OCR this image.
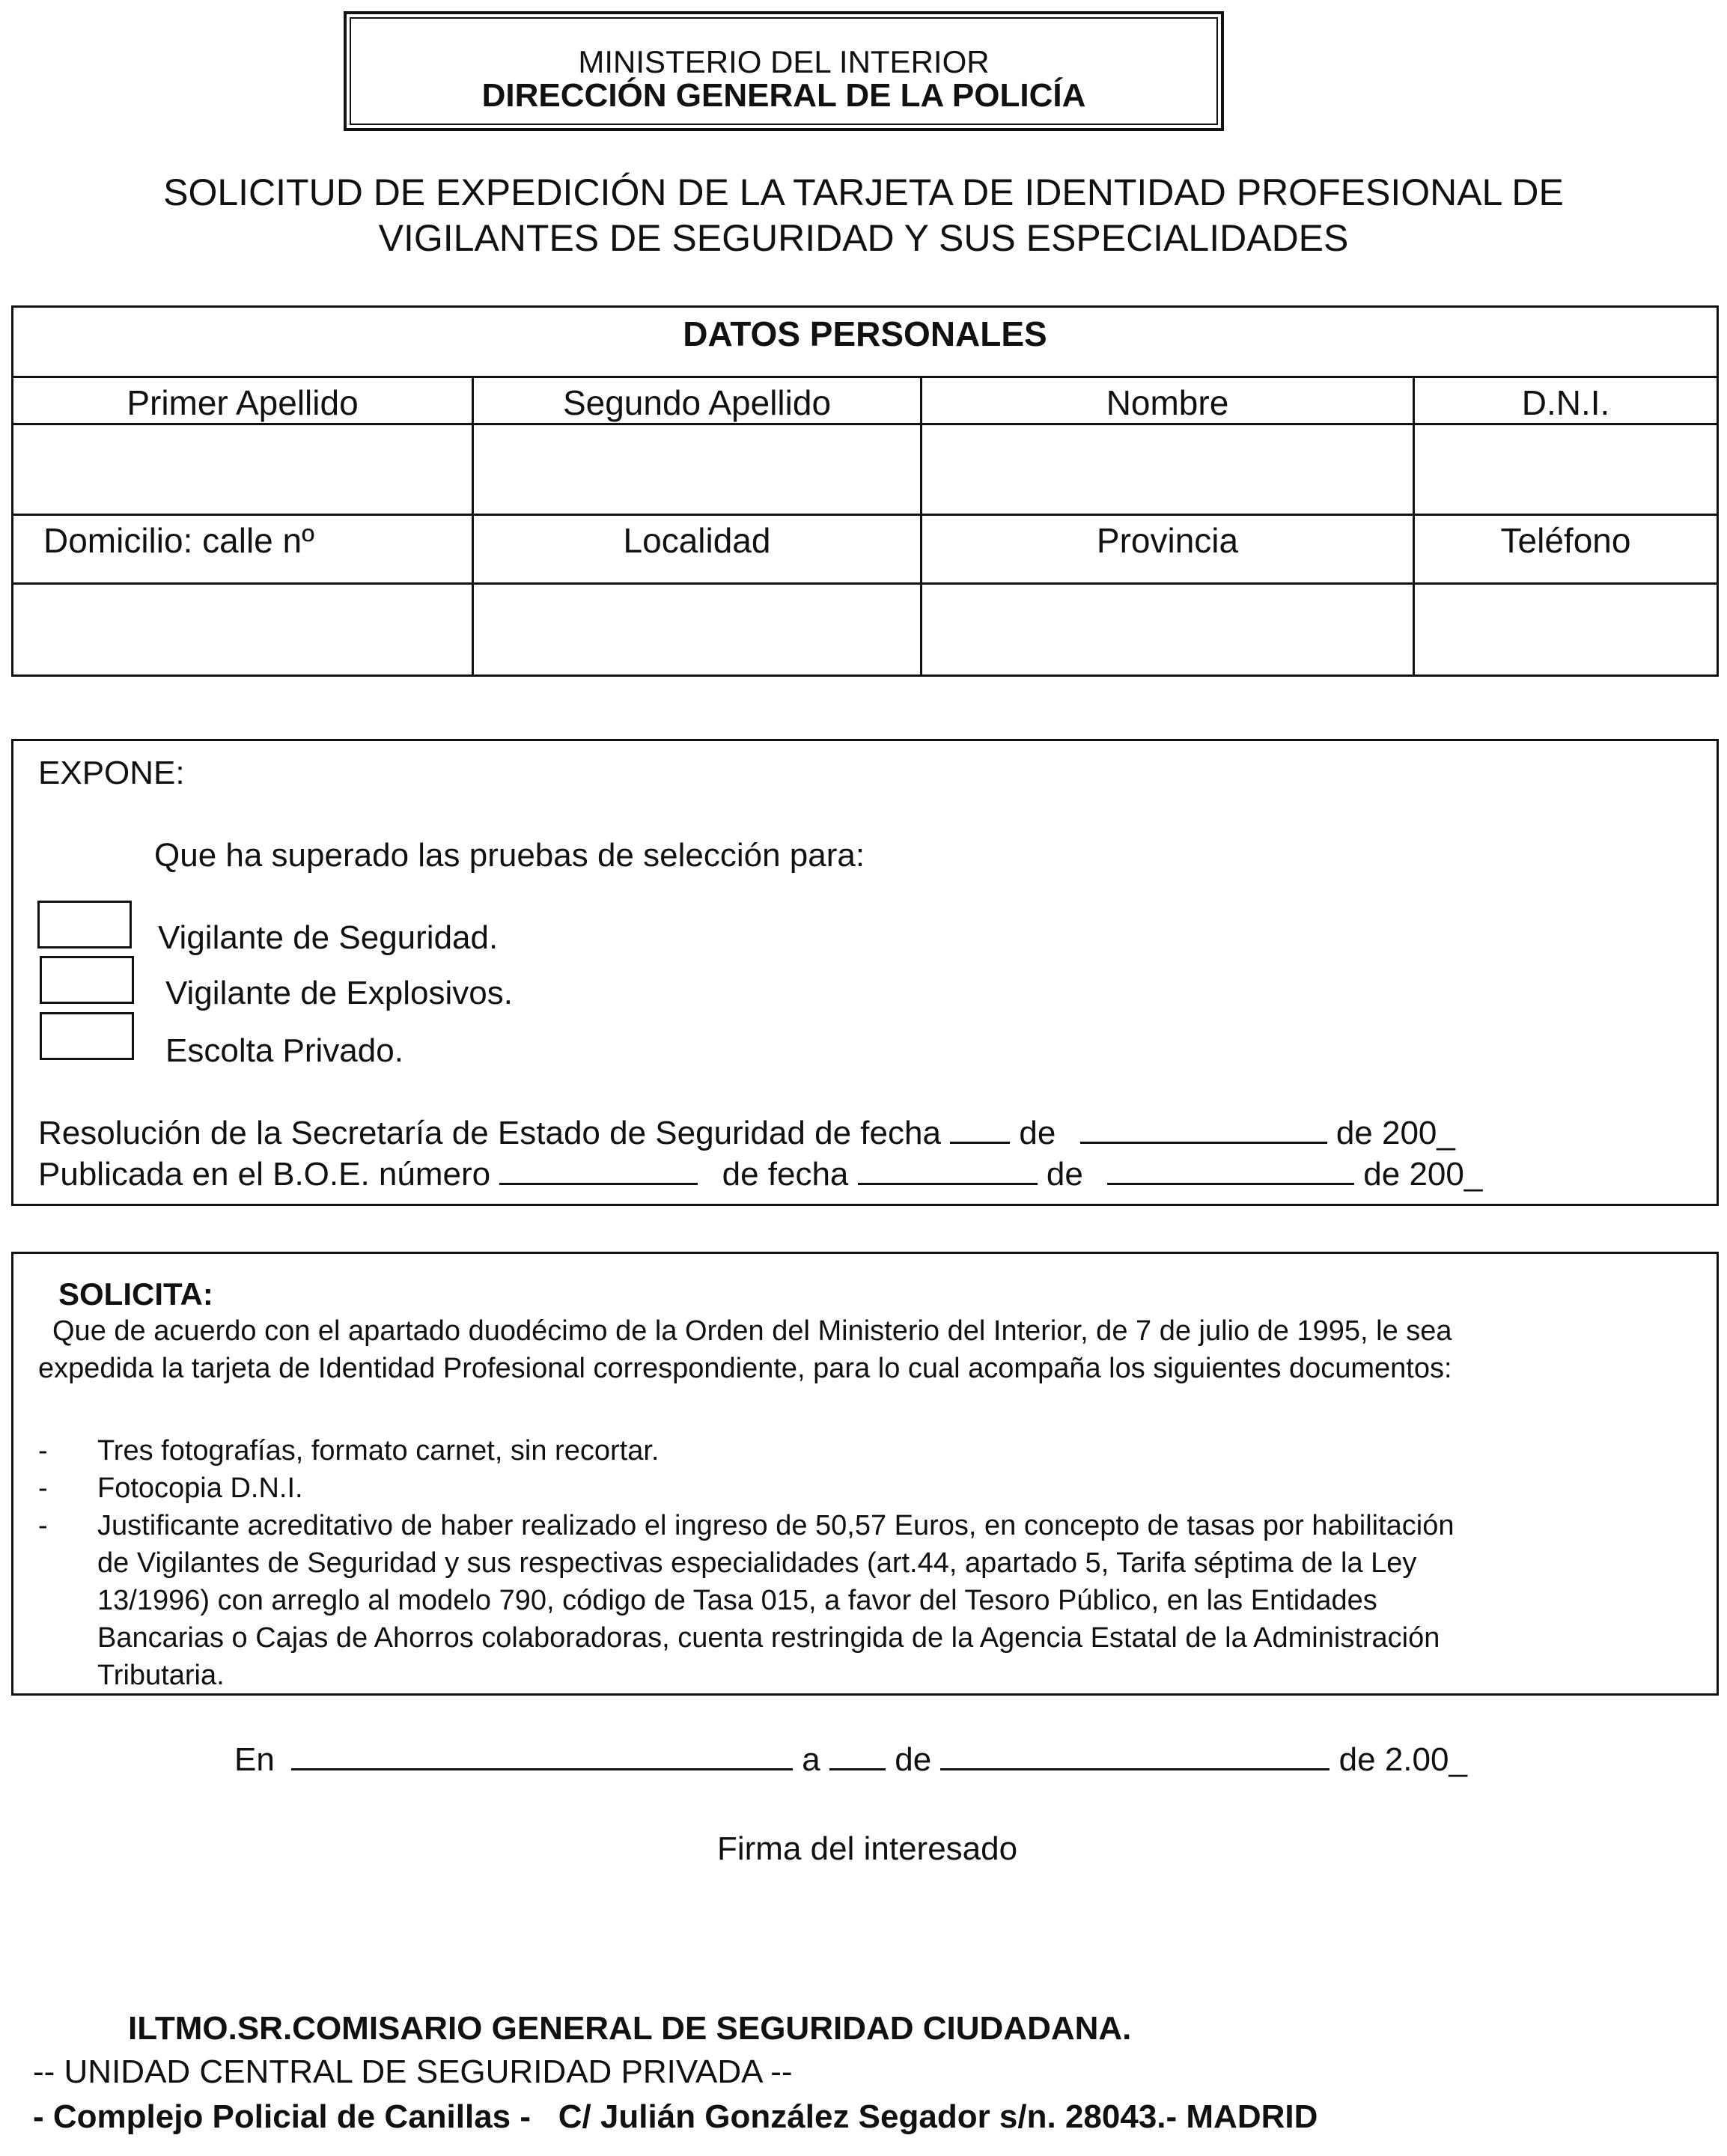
MINISTERIO DEL INTERIOR
DIRECCIÓN GENERAL DE LA POLICÍA
SOLICITUD DE EXPEDICIÓN DE LA TARJETA DE IDENTIDAD PROFESIONAL DE
VIGILANTES DE SEGURIDAD Y SUS ESPECIALIDADES
DATOS PERSONALES			
Primer Apellido	Segundo Apellido	Nombre	D.N.I.

Domicilio: calle nº	Localidad	Provincia	Teléfono

EXPONE:
Que ha superado las pruebas de selección para:
Vigilante de Seguridad.
Vigilante de Explosivos.
Escolta Privado.
Resolución de la Secretaría de Estado de Seguridad de fecha de	de 200_
Publicada en el B.O.E. número	de fecha	de	de 200_
SOLICITA:
Que de acuerdo con el apartado duodécimo de la Orden del Ministerio del Interior, de 7 de julio de 1995, le sea
expedida la tarjeta de Identidad Profesional correspondiente, para lo cual acompaña los siguientes documentos:
- Tres fotografías, formato carnet, sin recortar.
- Fotocopia D.N.I.
- Justificante acreditativo de haber realizado el ingreso de 50,57 Euros, en concepto de tasas por habilitación
de Vigilantes de Seguridad y sus respectivas especialidades (art.44, apartado 5, Tarifa séptima de la Ley
13/1996) con arreglo al modelo 790, código de Tasa 015, a favor del Tesoro Público, en las Entidades
Bancarias o Cajas de Ahorros colaboradoras, cuenta restringida de la Agencia Estatal de la Administración
Tributaria.
En	a de	de 2.00_
Firma del interesado
ILTMO.SR.COMISARIO GENERAL DE SEGURIDAD CIUDADANA.
-- UNIDAD CENTRAL DE SEGURIDAD PRIVADA --
- Complejo Policial de Canillas -   C/ Julián González Segador s/n. 28043.- MADRID
